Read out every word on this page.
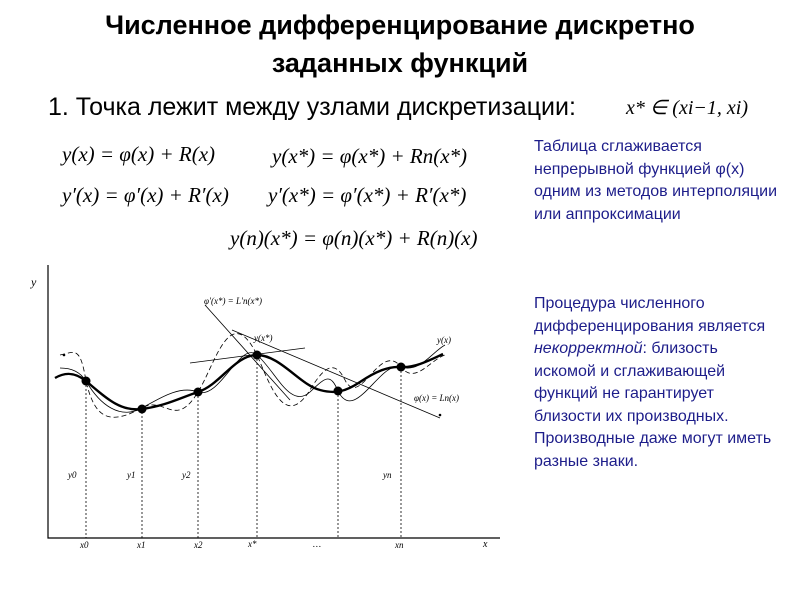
Численное дифференцирование дискретно
заданных функций
1. Точка лежит между узлами дискретизации:	x* ∈ (xi−1, xi)
y(x) = φ(x) + R(x)	y(x*) = φ(x*) + Rn(x*)
y′(x) = φ′(x) + R′(x) y′(x*) = φ′(x*) + R′(x*)
y(n)(x*) = φ(n)(x*) + R(n)(x)
Таблица сглаживается непрерывной функцией φ(x) одним из методов интерполяции или аппроксимации
Процедура численного дифференцирования является некорректной: близость искомой и сглаживающей функций не гарантирует близости их производных. Производные даже могут иметь разные знаки.
y
x
φ′(x*) = L′n(x*)
y(x*)	y(x)
φ(x) = Ln(x)
y0	y1	y2	yn
x0	x1	x2	x*	…	xn
